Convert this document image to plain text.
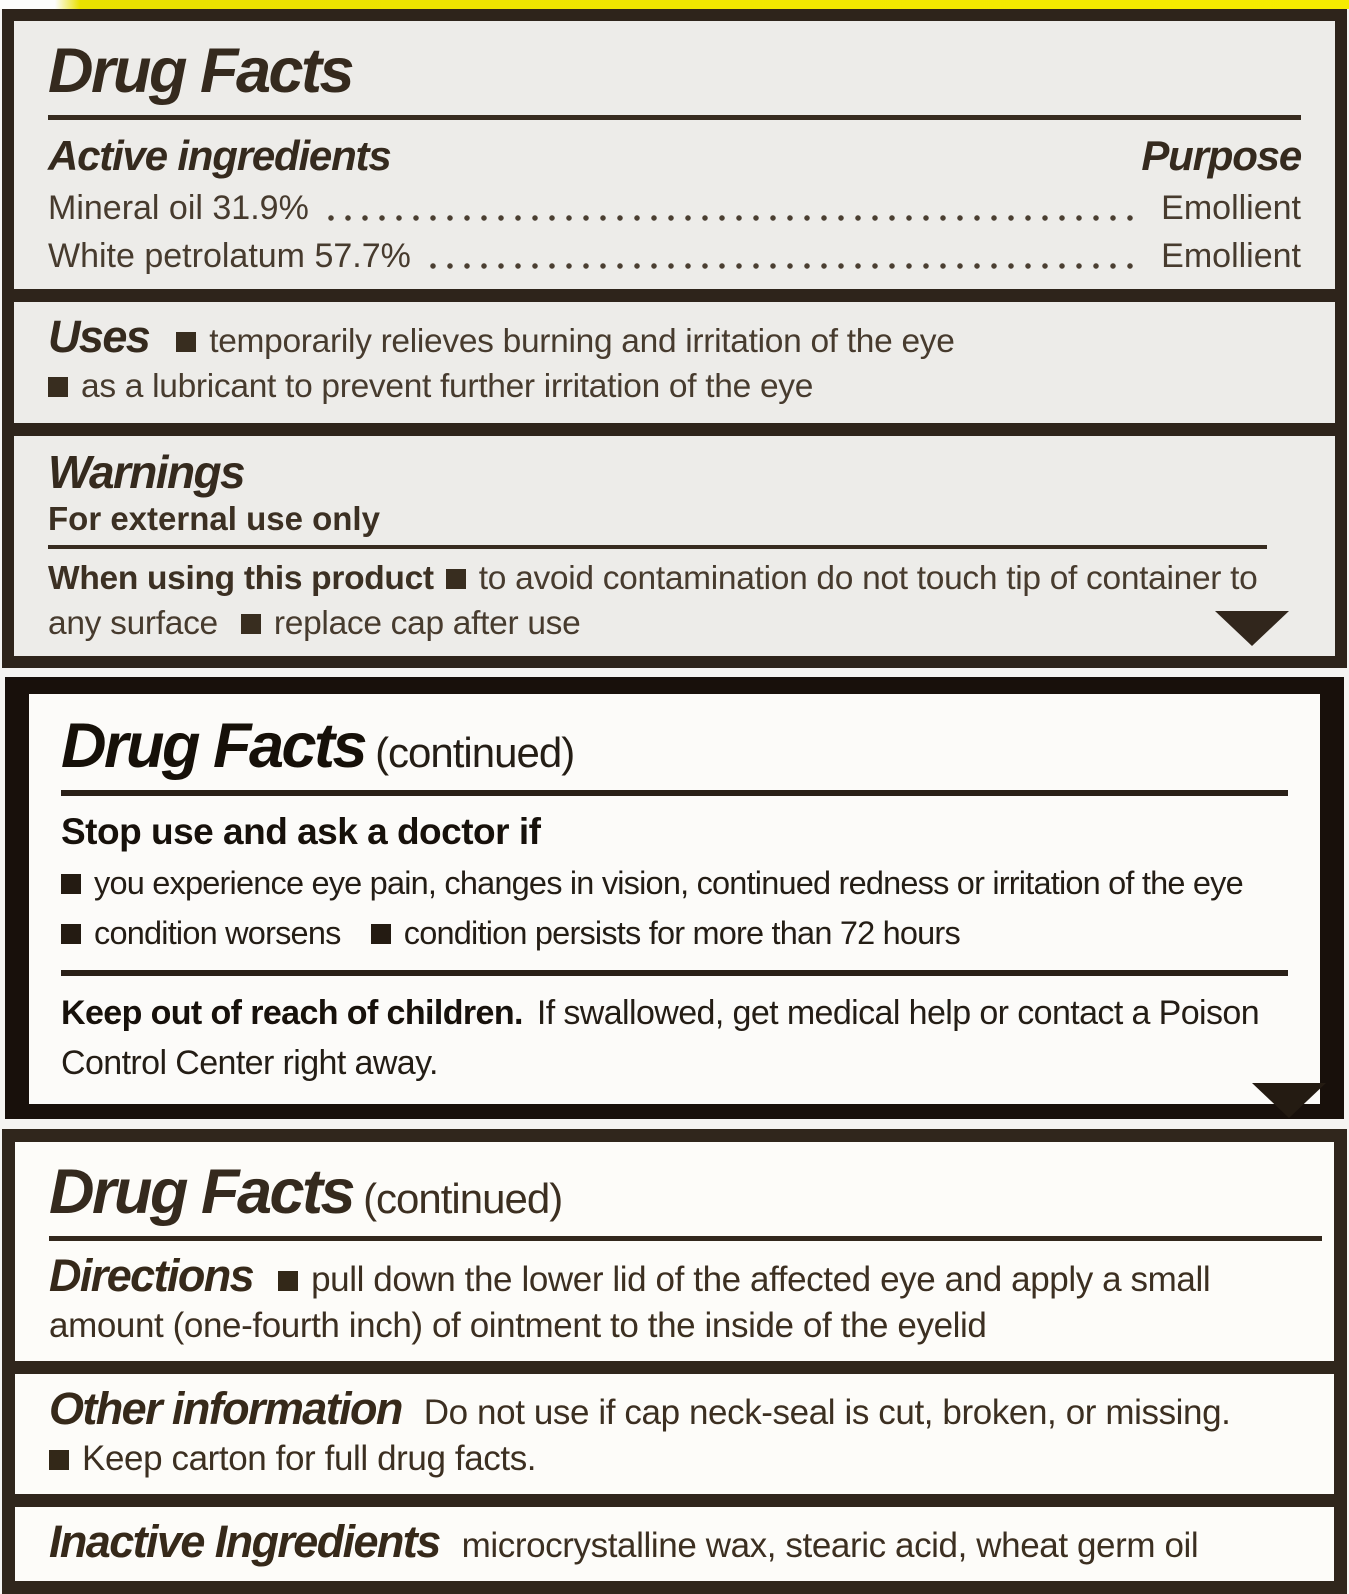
Drug Facts
Active ingredients	Purpose
Mineral oil 31.9%	Emollient
White petrolatum 57.7%	Emollient
Uses temporarily relieves burning and irritation of the eye
as a lubricant to prevent further irritation of the eye
Warnings
For external use only
When using this product to avoid contamination do not touch tip of container to
any surface replace cap after use
Drug Facts (continued)
Stop use and ask a doctor if
you experience eye pain, changes in vision, continued redness or irritation of the eye
condition worsens condition persists for more than 72 hours
Keep out of reach of children. If swallowed, get medical help or contact a Poison
Control Center right away.
Drug Facts (continued)
Directions pull down the lower lid of the affected eye and apply a small
amount (one-fourth inch) of ointment to the inside of the eyelid
Other information Do not use if cap neck-seal is cut, broken, or missing.
Keep carton for full drug facts.
Inactive Ingredients microcrystalline wax, stearic acid, wheat germ oil
